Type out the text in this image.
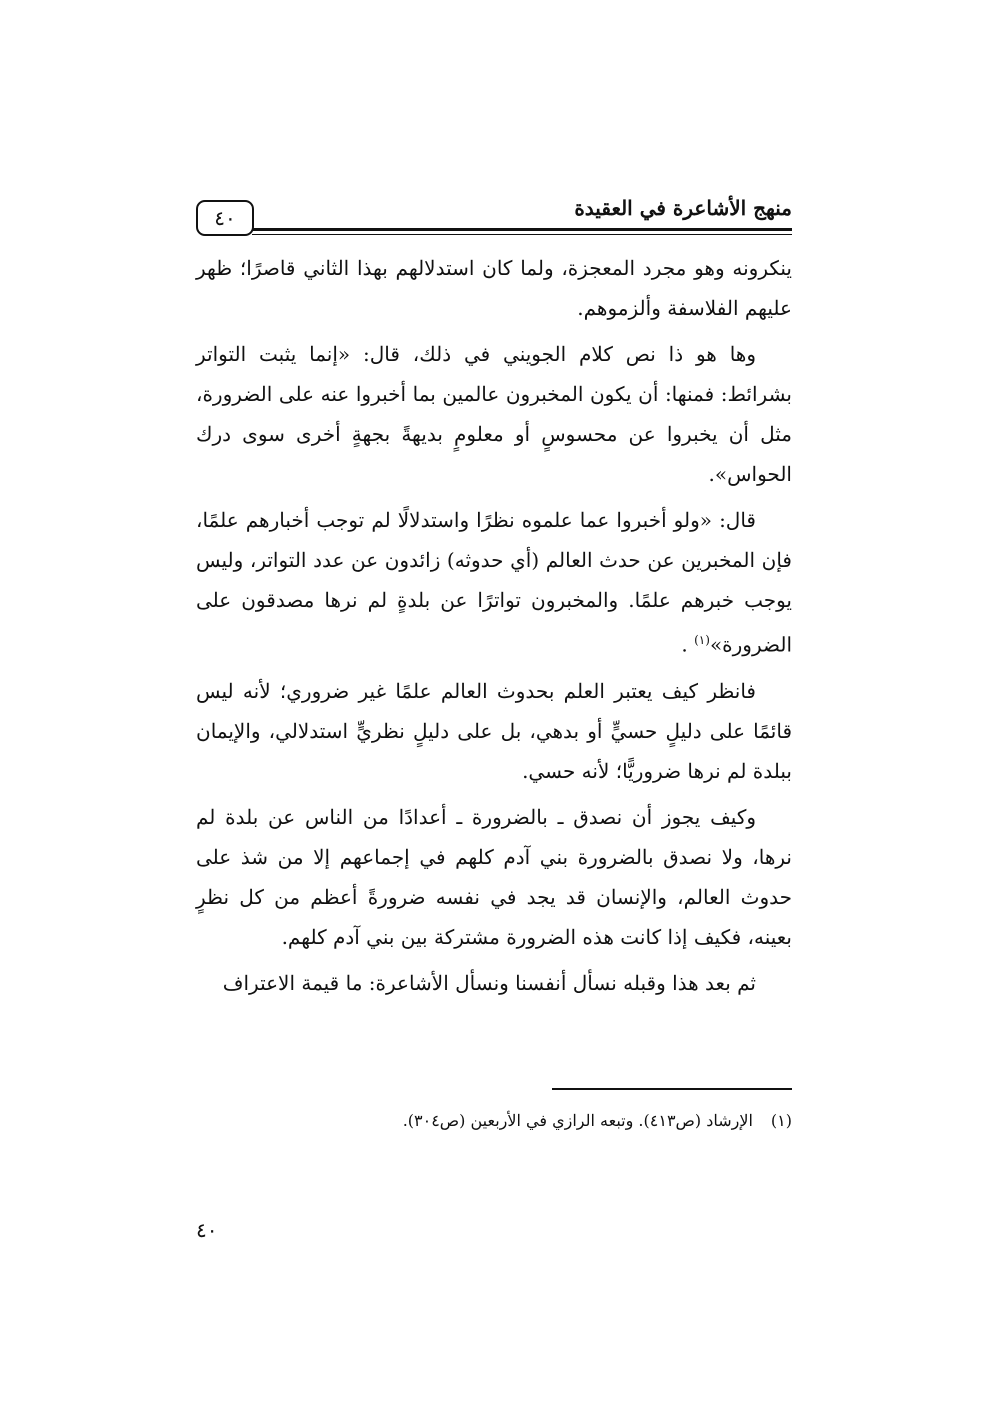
٤٠	منهج الأشاعرة في العقيدة

ينكرونه وهو مجرد المعجزة، ولما كان استدلالهم بهذا الثاني قاصرًا؛ ظهر عليهم الفلاسفة وألزموهم.

وها هو ذا نص كلام الجويني في ذلك، قال: «إنما يثبت التواتر بشرائط: فمنها: أن يكون المخبرون عالمين بما أخبروا عنه على الضرورة، مثل أن يخبروا عن محسوسٍ أو معلومٍ بديهةً بجهةٍ أخرى سوى درك الحواس».

قال: «ولو أخبروا عما علموه نظرًا واستدلالًا لم توجب أخبارهم علمًا، فإن المخبرين عن حدث العالم (أي حدوثه) زائدون عن عدد التواتر، وليس يوجب خبرهم علمًا. والمخبرون تواترًا عن بلدةٍ لم نرها مصدقون على الضرورة»$^{(١)}$ .

فانظر كيف يعتبر العلم بحدوث العالم علمًا غير ضروري؛ لأنه ليس قائمًا على دليلٍ حسيٍّ أو بدهي، بل على دليلٍ نظريٍّ استدلالي، والإيمان ببلدة لم نرها ضروريًّا؛ لأنه حسي.

وكيف يجوز أن نصدق ـ بالضرورة ـ أعدادًا من الناس عن بلدة لم نرها، ولا نصدق بالضرورة بني آدم كلهم في إجماعهم إلا من شذ على حدوث العالم، والإنسان قد يجد في نفسه ضرورةً أعظم من كل نظرٍ بعينه، فكيف إذا كانت هذه الضرورة مشتركة بين بني آدم كلهم.

ثم بعد هذا وقبله نسأل أنفسنا ونسأل الأشاعرة: ما قيمة الاعتراف

(١)الإرشاد (ص٤١٣). وتبعه الرازي في الأربعين (ص٣٠٤).
٤٠
